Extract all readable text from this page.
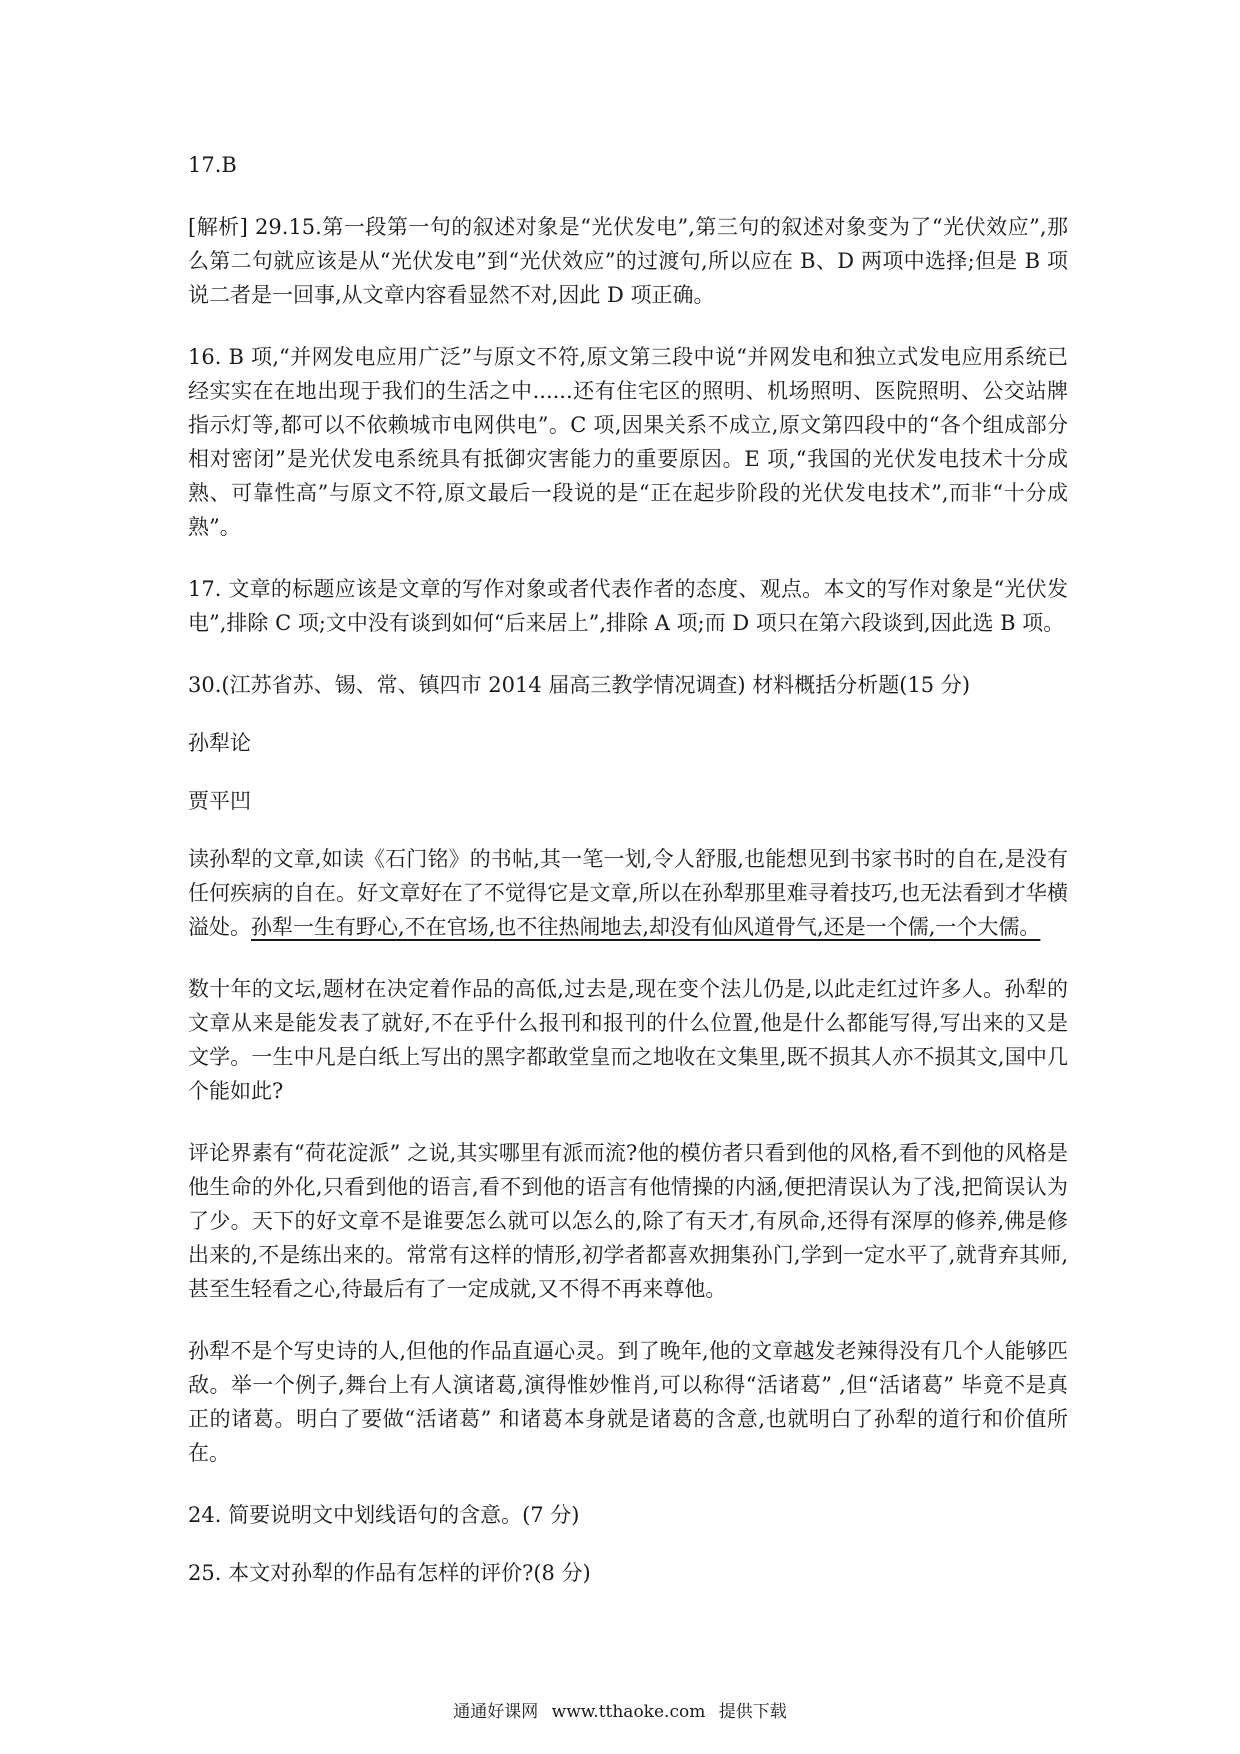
17.B

[解析] 29.15.第一段第一句的叙述对象是“光伏发电”,第三句的叙述对象变为了“光伏效应”,那么第二句就应该是从“光伏发电”到“光伏效应”的过渡句,所以应在 B、D 两项中选择;但是 B 项说二者是一回事,从文章内容看显然不对,因此 D 项正确。

16. B 项,“并网发电应用广泛”与原文不符,原文第三段中说“并网发电和独立式发电应用系统已经实实在在地出现于我们的生活之中......还有住宅区的照明、机场照明、医院照明、公交站牌指示灯等,都可以不依赖城市电网供电”。C 项,因果关系不成立,原文第四段中的“各个组成部分相对密闭”是光伏发电系统具有抵御灾害能力的重要原因。E 项,“我国的光伏发电技术十分成熟、可靠性高”与原文不符,原文最后一段说的是“正在起步阶段的光伏发电技术”,而非“十分成熟”。

17. 文章的标题应该是文章的写作对象或者代表作者的态度、观点。本文的写作对象是“光伏发电”,排除 C 项;文中没有谈到如何“后来居上”,排除 A 项;而 D 项只在第六段谈到,因此选 B 项。

30.(江苏省苏、锡、常、镇四市 2014 届高三教学情况调查) 材料概括分析题(15 分)

孙犁论

贾平凹

读孙犁的文章,如读《石门铭》的书帖,其一笔一划,令人舒服,也能想见到书家书时的自在,是没有任何疾病的自在。好文章好在了不觉得它是文章,所以在孙犁那里难寻着技巧,也无法看到才华横溢处。孙犁一生有野心,不在官场,也不往热闹地去,却没有仙风道骨气,还是一个儒,一个大儒。

数十年的文坛,题材在决定着作品的高低,过去是,现在变个法儿仍是,以此走红过许多人。孙犁的文章从来是能发表了就好,不在乎什么报刊和报刊的什么位置,他是什么都能写得,写出来的又是文学。一生中凡是白纸上写出的黑字都敢堂皇而之地收在文集里,既不损其人亦不损其文,国中几个能如此?

评论界素有“荷花淀派” 之说,其实哪里有派而流?他的模仿者只看到他的风格,看不到他的风格是他生命的外化,只看到他的语言,看不到他的语言有他情操的内涵,便把清误认为了浅,把简误认为了少。天下的好文章不是谁要怎么就可以怎么的,除了有天才,有夙命,还得有深厚的修养,佛是修出来的,不是练出来的。常常有这样的情形,初学者都喜欢拥集孙门,学到一定水平了,就背弃其师,甚至生轻看之心,待最后有了一定成就,又不得不再来尊他。

孙犁不是个写史诗的人,但他的作品直逼心灵。到了晚年,他的文章越发老辣得没有几个人能够匹敌。举一个例子,舞台上有人演诸葛,演得惟妙惟肖,可以称得“活诸葛” ,但“活诸葛” 毕竟不是真正的诸葛。明白了要做“活诸葛” 和诸葛本身就是诸葛的含意,也就明白了孙犁的道行和价值所在。

24. 简要说明文中划线语句的含意。(7 分)

25. 本文对孙犁的作品有怎样的评价?(8 分)

通通好课网 www.tthaoke.com 提供下载
